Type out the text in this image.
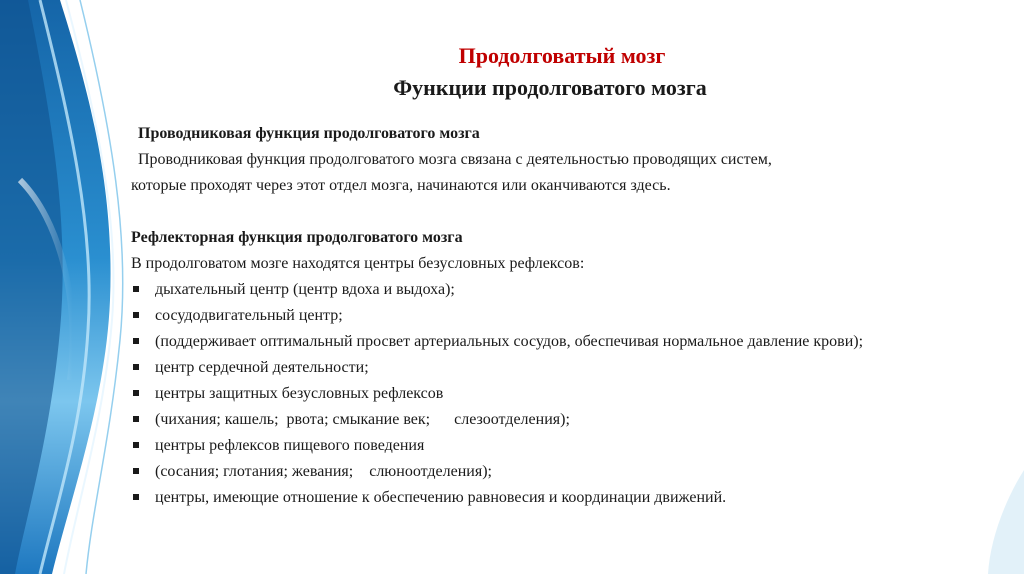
Продолговатый мозг
Функции продолговатого мозга
Проводниковая функция продолговатого мозга
Проводниковая функция продолговатого мозга связана с деятельностью проводящих систем,
которые проходят через этот отдел мозга, начинаются или оканчиваются здесь.
Рефлекторная функция продолговатого мозга
В продолговатом мозге находятся центры безусловных рефлексов:
дыхательный центр (центр вдоха и выдоха);
сосудодвигательный центр;
(поддерживает оптимальный просвет артериальных сосудов, обеспечивая нормальное давление крови);
центр сердечной деятельности;
центры защитных безусловных рефлексов
(чихания; кашель;  рвота; смыкание век;      слезоотделения);
центры рефлексов пищевого поведения
(сосания; глотания; жевания;    слюноотделения);
центры, имеющие отношение к обеспечению равновесия и координации движений.
